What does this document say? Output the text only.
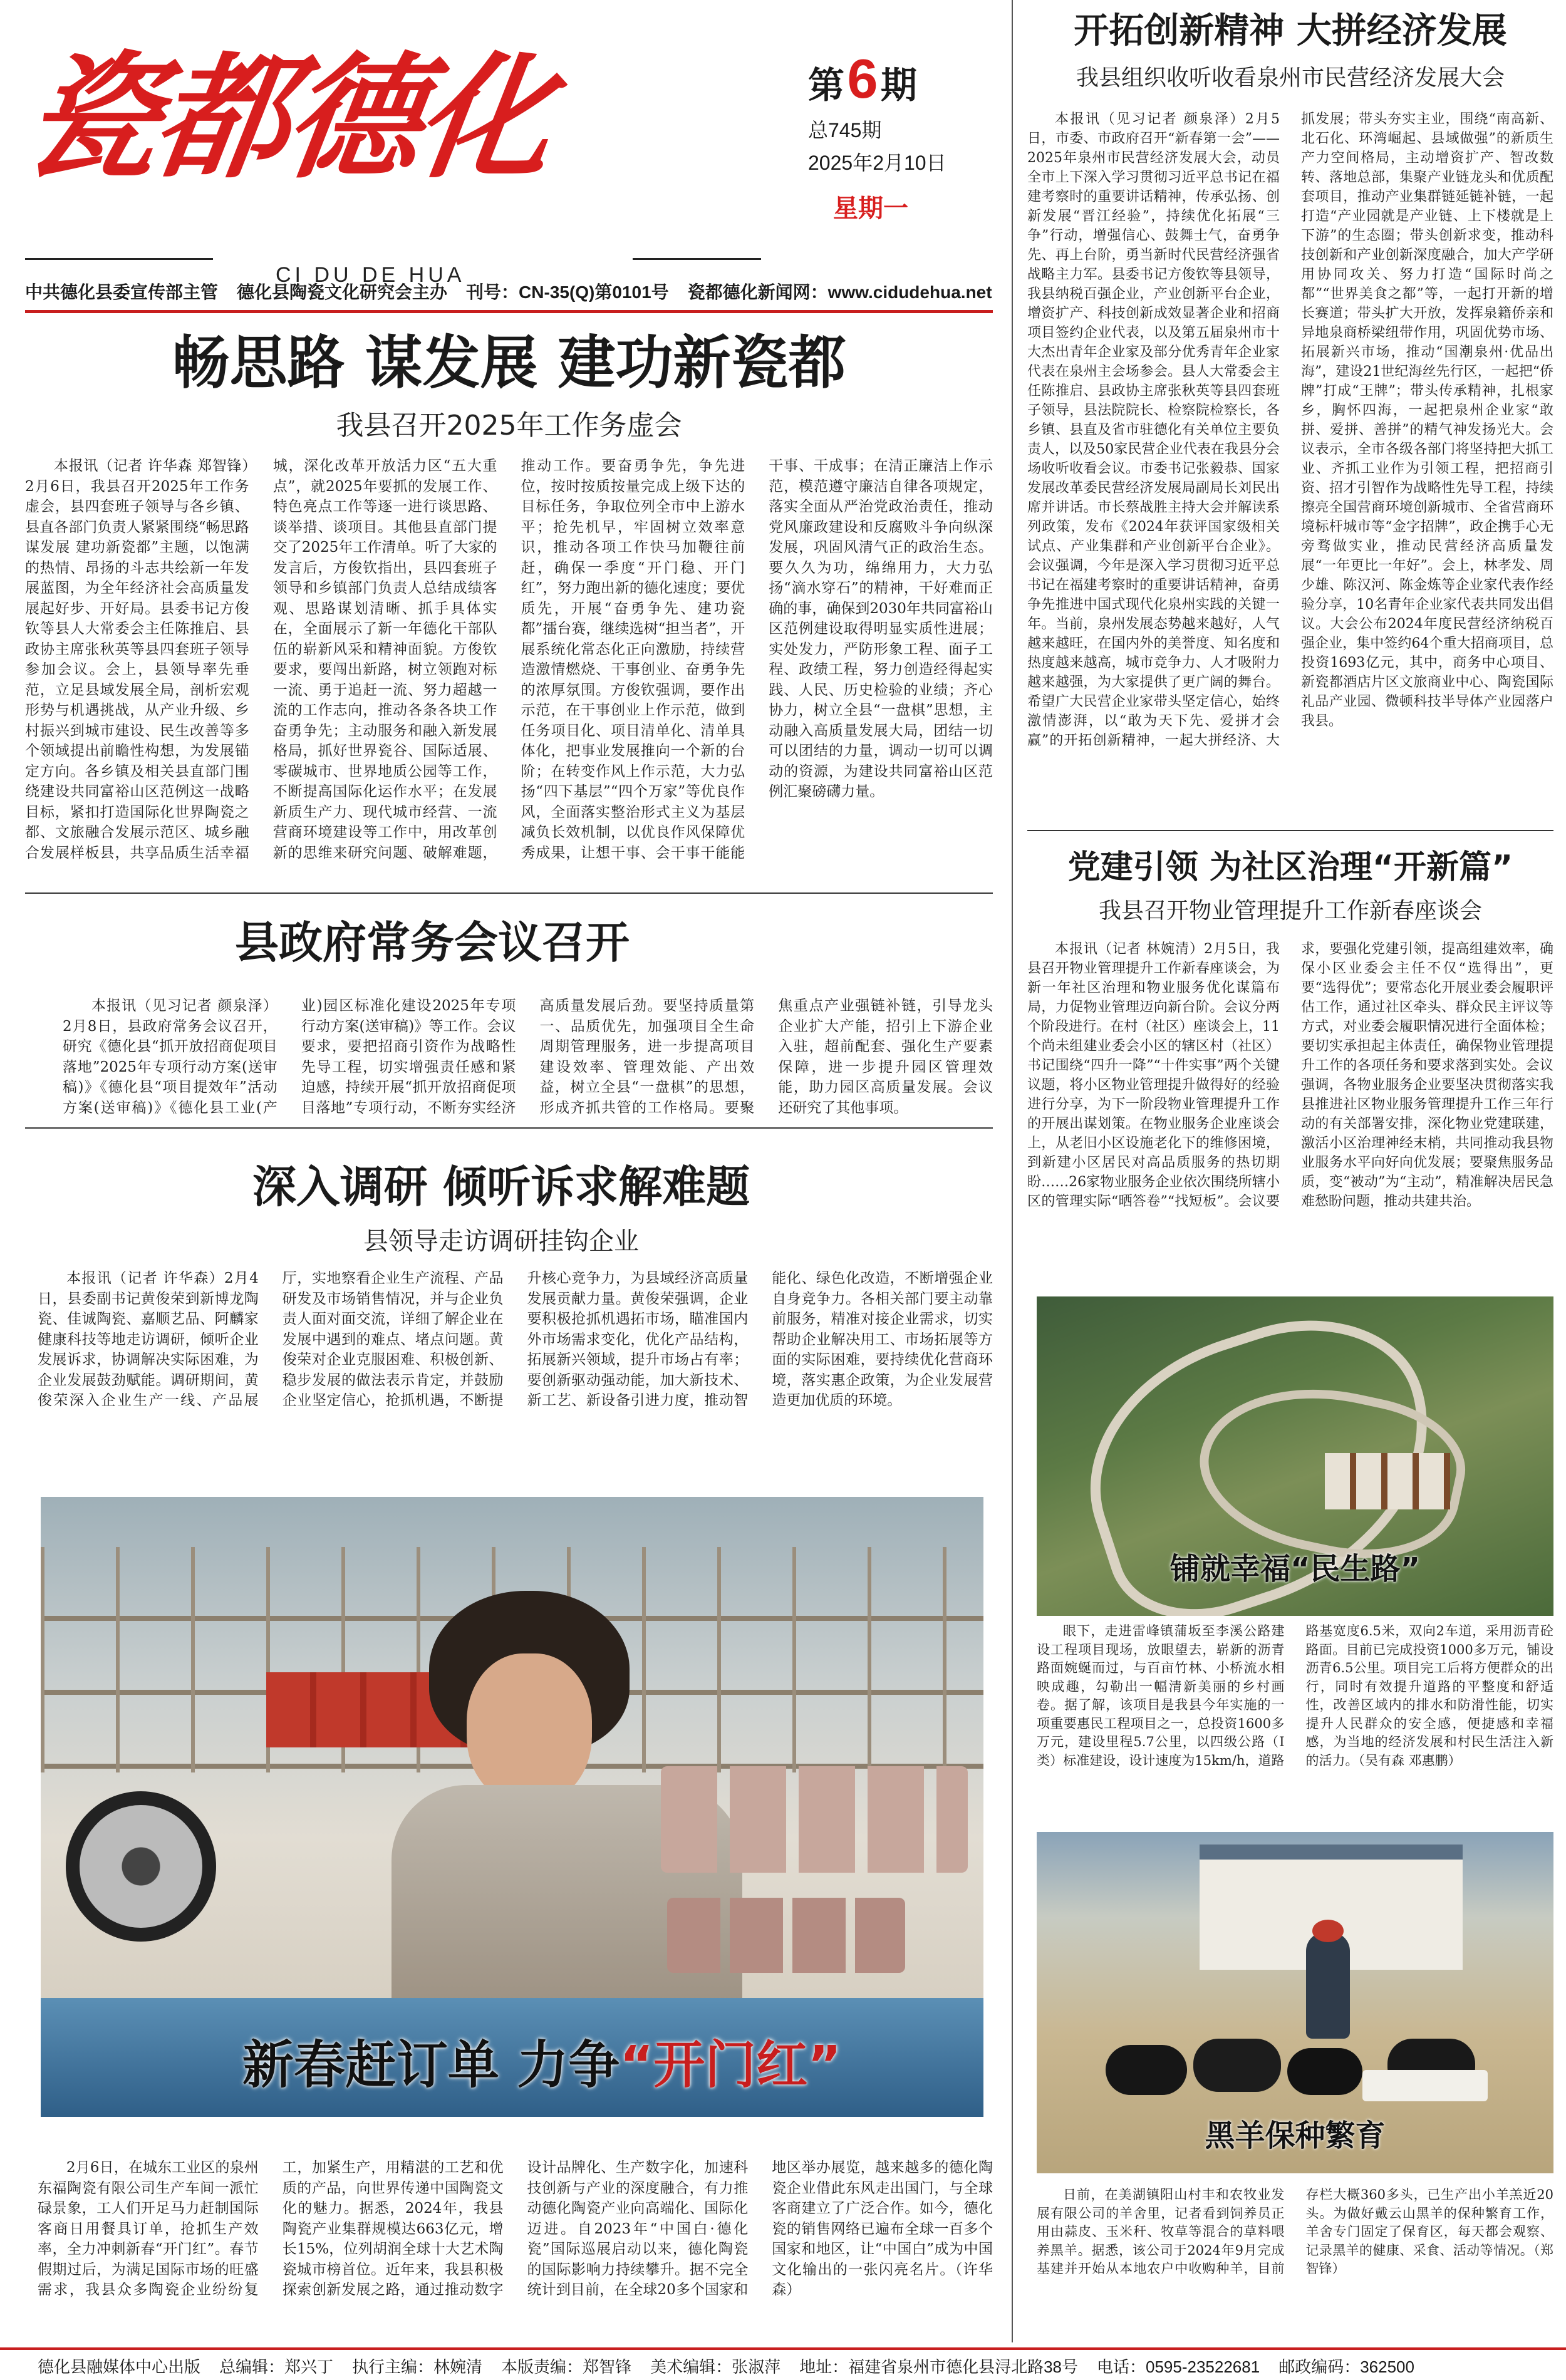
瓷都德化
CI DU DE HUA
第 6 期
总745期
2025年2月10日
星期一
中共德化县委宣传部主管 德化县陶瓷文化研究会主办 刊号：CN-35(Q)第0101号 瓷都德化新闻网：www.cidudehua.net
畅思路 谋发展 建功新瓷都
我县召开2025年工作务虚会
本报讯（记者 许华森 郑智锋）2月6日，我县召开2025年工作务虚会，县四套班子领导与各乡镇、县直各部门负责人紧紧围绕“畅思路 谋发展 建功新瓷都”主题，以饱满的热情、昂扬的斗志共绘新一年发展蓝图，为全年经济社会高质量发展起好步、开好局。县委书记方俊钦等县人大常委会主任陈推启、县政协主席张秋英等县四套班子领导参加会议。会上，县领导率先垂范，立足县域发展全局，剖析宏观形势与机遇挑战，从产业升级、乡村振兴到城市建设、民生改善等多个领域提出前瞻性构想，为发展锚定方向。各乡镇及相关县直部门围绕建设共同富裕山区范例这一战略目标，紧扣打造国际化世界陶瓷之都、文旅融合发展示范区、城乡融合发展样板县，共享品质生活幸福城，深化改革开放活力区“五大重点”，就2025年要抓的发展工作、特色亮点工作等逐一进行谈思路、谈举措、谈项目。其他县直部门提交了2025年工作清单。听了大家的发言后，方俊钦指出，县四套班子领导和乡镇部门负责人总结成绩客观、思路谋划清晰、抓手具体实在，全面展示了新一年德化干部队伍的崭新风采和精神面貌。方俊钦要求，要闯出新路，树立领跑对标一流、勇于追赶一流、努力超越一流的工作志向，推动各条各块工作奋勇争先；主动服务和融入新发展格局，抓好世界瓷谷、国际适展、零碳城市、世界地质公园等工作，不断提高国际化运作水平；在发展新质生产力、现代城市经营、一流营商环境建设等工作中，用改革创新的思维来研究问题、破解难题，推动工作。要奋勇争先，争先进位，按时按质按量完成上级下达的目标任务，争取位列全市中上游水平；抢先机早，牢固树立效率意识，推动各项工作快马加鞭往前赶，确保一季度“开门稳、开门红”，努力跑出新的德化速度；要优质先，开展“奋勇争先、建功瓷都”擂台赛，继续选树“担当者”，开展系统化常态化正向激励，持续营造激情燃烧、干事创业、奋勇争先的浓厚氛围。方俊钦强调，要作出示范，在干事创业上作示范，做到任务项目化、项目清单化、清单具体化，把事业发展推向一个新的台阶；在转变作风上作示范，大力弘扬“四下基层”“四个万家”等优良作风，全面落实整治形式主义为基层减负长效机制，以优良作风保障优秀成果，让想干事、会干事干能能干事、干成事；在清正廉洁上作示范，模范遵守廉洁自律各项规定，落实全面从严治党政治责任，推动党风廉政建设和反腐败斗争向纵深发展，巩固风清气正的政治生态。要久久为功，绵绵用力，大力弘扬“滴水穿石”的精神，干好难而正确的事，确保到2030年共同富裕山区范例建设取得明显实质性进展；实处发力，严防形象工程、面子工程、政绩工程，努力创造经得起实践、人民、历史检验的业绩；齐心协力，树立全县“一盘棋”思想，主动融入高质量发展大局，团结一切可以团结的力量，调动一切可以调动的资源，为建设共同富裕山区范例汇聚磅礴力量。
县政府常务会议召开
本报讯（见习记者 颜泉泽）2月8日，县政府常务会议召开，研究《德化县“抓开放招商促项目落地”2025年专项行动方案(送审稿)》《德化县“项目提效年”活动方案(送审稿)》《德化县工业(产业)园区标准化建设2025年专项行动方案(送审稿)》等工作。会议要求，要把招商引资作为战略性先导工程，切实增强责任感和紧迫感，持续开展“抓开放招商促项目落地”专项行动，不断夯实经济高质量发展后劲。要坚持质量第一、品质优先，加强项目全生命周期管理服务，进一步提高项目建设效率、管理效能、产出效益，树立全县“一盘棋”的思想，形成齐抓共管的工作格局。要聚焦重点产业强链补链，引导龙头企业扩大产能，招引上下游企业入驻，超前配套、强化生产要素保障，进一步提升园区管理效能，助力园区高质量发展。会议还研究了其他事项。
深入调研 倾听诉求解难题
县领导走访调研挂钩企业
本报讯（记者 许华森）2月4日，县委副书记黄俊荣到新博龙陶瓷、佳诚陶瓷、嘉顺艺品、阿麟家健康科技等地走访调研，倾听企业发展诉求，协调解决实际困难，为企业发展鼓劲赋能。调研期间，黄俊荣深入企业生产一线、产品展厅，实地察看企业生产流程、产品研发及市场销售情况，并与企业负责人面对面交流，详细了解企业在发展中遇到的难点、堵点问题。黄俊荣对企业克服困难、积极创新、稳步发展的做法表示肯定，并鼓励企业坚定信心，抢抓机遇，不断提升核心竞争力，为县域经济高质量发展贡献力量。黄俊荣强调，企业要积极抢抓机遇拓市场，瞄准国内外市场需求变化，优化产品结构，拓展新兴领域，提升市场占有率；要创新驱动强动能，加大新技术、新工艺、新设备引进力度，推动智能化、绿色化改造，不断增强企业自身竞争力。各相关部门要主动靠前服务，精准对接企业需求，切实帮助企业解决用工、市场拓展等方面的实际困难，要持续优化营商环境，落实惠企政策，为企业发展营造更加优质的环境。
新春赶订单 力争“开门红”
2月6日，在城东工业区的泉州东福陶瓷有限公司生产车间一派忙碌景象，工人们开足马力赶制国际客商日用餐具订单，抢抓生产效率，全力冲刺新春“开门红”。春节假期过后，为满足国际市场的旺盛需求，我县众多陶瓷企业纷纷复工，加紧生产，用精湛的工艺和优质的产品，向世界传递中国陶瓷文化的魅力。据悉，2024年，我县陶瓷产业集群规模达663亿元，增长15%，位列胡润全球十大艺术陶瓷城市榜首位。近年来，我县积极探索创新发展之路，通过推动数字设计品牌化、生产数字化，加速科技创新与产业的深度融合，有力推动德化陶瓷产业向高端化、国际化迈进。自2023年“中国白·德化瓷”国际巡展启动以来，德化陶瓷的国际影响力持续攀升。据不完全统计到目前，在全球20多个国家和地区举办展览，越来越多的德化陶瓷企业借此东风走出国门，与全球客商建立了广泛合作。如今，德化瓷的销售网络已遍布全球一百多个国家和地区，让“中国白”成为中国文化输出的一张闪亮名片。（许华森）
开拓创新精神 大拼经济发展
我县组织收听收看泉州市民营经济发展大会
本报讯（见习记者 颜泉泽）2月5日，市委、市政府召开“新春第一会”——2025年泉州市民营经济发展大会，动员全市上下深入学习贯彻习近平总书记在福建考察时的重要讲话精神，传承弘扬、创新发展“晋江经验”，持续优化拓展“三争”行动，增强信心、鼓舞士气，奋勇争先、再上台阶，勇当新时代民营经济强省战略主力军。县委书记方俊钦等县领导，我县纳税百强企业，产业创新平台企业，增资扩产、科技创新成效显著企业和招商项目签约企业代表，以及第五届泉州市十大杰出青年企业家及部分优秀青年企业家代表在泉州主会场参会。县人大常委会主任陈推启、县政协主席张秋英等县四套班子领导，县法院院长、检察院检察长，各乡镇、县直及省市驻德化有关单位主要负责人，以及50家民营企业代表在我县分会场收听收看会议。市委书记张毅恭、国家发展改革委民营经济发展局副局长刘民出席并讲话。市长蔡战胜主持大会并解读系列政策，发布《2024年获评国家级相关试点、产业集群和产业创新平台企业》。会议强调，今年是深入学习贯彻习近平总书记在福建考察时的重要讲话精神，奋勇争先推进中国式现代化泉州实践的关键一年。当前，泉州发展态势越来越好，人气越来越旺，在国内外的美誉度、知名度和热度越来越高，城市竞争力、人才吸附力越来越强，为大家提供了更广阔的舞台。希望广大民营企业家带头坚定信心，始终激情澎湃，以“敢为天下先、爱拼才会赢”的开拓创新精神，一起大拼经济、大抓发展；带头夯实主业，围绕“南高新、北石化、环湾崛起、县域做强”的新质生产力空间格局，主动增资扩产、智改数转、落地总部，集聚产业链龙头和优质配套项目，推动产业集群链延链补链，一起打造“产业园就是产业链、上下楼就是上下游”的生态圈；带头创新求变，推动科技创新和产业创新深度融合，加大产学研用协同攻关、努力打造“国际时尚之都”“世界美食之都”等，一起打开新的增长赛道；带头扩大开放，发挥泉籍侨亲和异地泉商桥梁纽带作用，巩固优势市场、拓展新兴市场，推动“国潮泉州·优品出海”，建设21世纪海丝先行区，一起把“侨牌”打成“王牌”；带头传承精神，扎根家乡，胸怀四海，一起把泉州企业家“敢拼、爱拼、善拼”的精气神发扬光大。会议表示，全市各级各部门将坚持把大抓工业、齐抓工业作为引领工程，把招商引资、招才引智作为战略性先导工程，持续擦亮全国营商环境创新城市、全省营商环境标杆城市等“金字招牌”，政企携手心无旁骛做实业，推动民营经济高质量发展“一年更比一年好”。会上，林孝发、周少雄、陈汉河、陈金炼等企业家代表作经验分享，10名青年企业家代表共同发出倡议。大会公布2024年度民营经济纳税百强企业，集中签约64个重大招商项目，总投资1693亿元，其中，商务中心项目、新瓷都酒店片区文旅商业中心、陶瓷国际礼品产业园、微顿科技半导体产业园落户我县。
党建引领 为社区治理“开新篇”
我县召开物业管理提升工作新春座谈会
本报讯（记者 林婉清）2月5日，我县召开物业管理提升工作新春座谈会，为新一年社区治理和物业服务优化谋篇布局，力促物业管理迈向新台阶。会议分两个阶段进行。在村（社区）座谈会上，11个尚未组建业委会小区的辖区村（社区）书记围绕“四升一降”“十件实事”两个关键议题，将小区物业管理提升做得好的经验进行分享，为下一阶段物业管理提升工作的开展出谋划策。在物业服务企业座谈会上，从老旧小区设施老化下的维修困境，到新建小区居民对高品质服务的热切期盼……26家物业服务企业依次围绕所辖小区的管理实际“晒答卷”“找短板”。会议要求，要强化党建引领，提高组建效率，确保小区业委会主任不仅“选得出”，更要“选得优”；要常态化开展业委会履职评估工作，通过社区牵头、群众民主评议等方式，对业委会履职情况进行全面体检；要切实承担起主体责任，确保物业管理提升工作的各项任务和要求落到实处。会议强调，各物业服务企业要坚决贯彻落实我县推进社区物业服务管理提升工作三年行动的有关部署安排，深化物业党建联建，激活小区治理神经末梢，共同推动我县物业服务水平向好向优发展；要聚焦服务品质，变“被动”为“主动”，精准解决居民急难愁盼问题，推动共建共治。
铺就幸福“民生路”
眼下，走进雷峰镇蒲坂至李溪公路建设工程项目现场，放眼望去，崭新的沥青路面婉蜒而过，与百亩竹林、小桥流水相映成趣，勾勒出一幅清新美丽的乡村画卷。据了解，该项目是我县今年实施的一项重要惠民工程项目之一，总投资1600多万元，建设里程5.7公里，以四级公路（I类）标准建设，设计速度为15km/h，道路路基宽度6.5米，双向2车道，采用沥青砼路面。目前已完成投资1000多万元，铺设沥青6.5公里。项目完工后将方便群众的出行，同时有效提升道路的平整度和舒适性，改善区域内的排水和防滑性能，切实提升人民群众的安全感，便捷感和幸福感，为当地的经济发展和村民生活注入新的活力。（吴有森 邓惠鹏）
黑羊保种繁育
日前，在美湖镇阳山村丰和农牧业发展有限公司的羊舍里，记者看到饲养员正用由蒜皮、玉米秆、牧草等混合的草料喂养黑羊。据悉，该公司于2024年9月完成基建并开始从本地农户中收购种羊，目前存栏大概360多头，已生产出小羊羔近20头。为做好戴云山黑羊的保种繁育工作，羊舍专门固定了保育区，每天都会观察、记录黑羊的健康、采食、活动等情况。（郑智锋）
德化县融媒体中心出版 总编辑：郑兴丁 执行主编：林婉清 本版责编：郑智锋 美术编辑：张淑萍 地址：福建省泉州市德化县浔北路38号 电话：0595-23522681 邮政编码：362500
